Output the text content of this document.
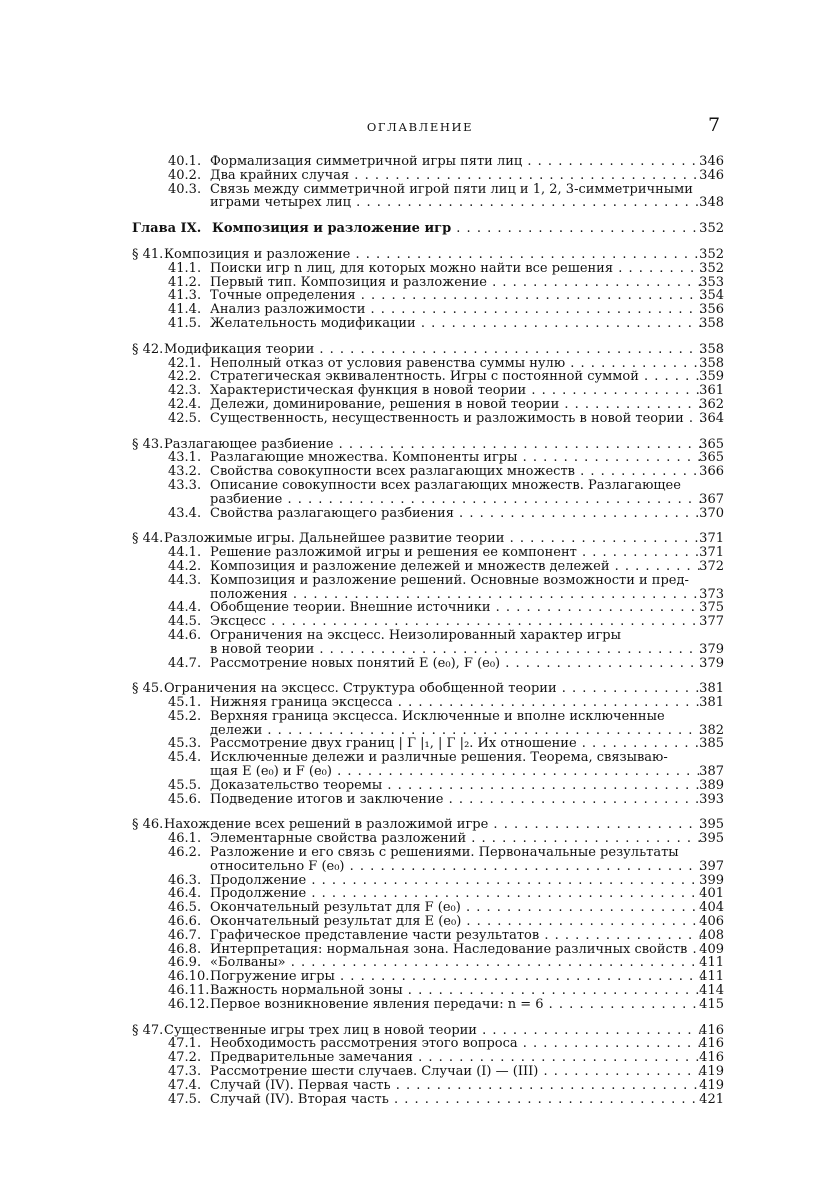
ОГЛАВЛЕНИЕ	7
40.1. Формализация симметричной игры пяти лиц . . .	346
40.2. Два крайних случая . . .	346
40.3. Связь между симметричной игрой пяти лиц и 1, 2, 3-симметричными
играми четырех лиц . . .	348
Глава IX. Композиция и разложение игр . . .	352
§ 41. Композиция и разложение . . .	352
41.1. Поиски игр n лиц, для которых можно найти все решения . . .	352
41.2. Первый тип. Композиция и разложение . . .	353
41.3. Точные определения . . .	354
41.4. Анализ разложимости . . .	356
41.5. Желательность модификации . . .	358
§ 42. Модификация теории . . .	358
42.1. Неполный отказ от условия равенства суммы нулю . . .	358
42.2. Стратегическая эквивалентность. Игры с постоянной суммой . . .	359
42.3. Характеристическая функция в новой теории . . .	361
42.4. Дележи, доминирование, решения в новой теории . . .	362
42.5. Существенность, несущественность и разложимость в новой теории . . .	364
§ 43. Разлагающее разбиение . . .	365
43.1. Разлагающие множества. Компоненты игры . . .	365
43.2. Свойства совокупности всех разлагающих множеств . . .	366
43.3. Описание совокупности всех разлагающих множеств. Разлагающее
разбиение . . .	367
43.4. Свойства разлагающего разбиения . . .	370
§ 44. Разложимые игры. Дальнейшее развитие теории . . .	371
44.1. Решение разложимой игры и решения ее компонент . . .	371
44.2. Композиция и разложение дележей и множеств дележей . . .	372
44.3. Композиция и разложение решений. Основные возможности и пред-
положения . . .	373
44.4. Обобщение теории. Внешние источники . . .	375
44.5. Эксцесс . . .	377
44.6. Ограничения на эксцесс. Неизолированный характер игры
в новой теории . . .	379
44.7. Рассмотрение новых понятий E (e₀), F (e₀) . . .	379
§ 45. Ограничения на эксцесс. Структура обобщенной теории . . .	381
45.1. Нижняя граница эксцесса . . .	381
45.2. Верхняя граница эксцесса. Исключенные и вполне исключенные
дележи . . .	382
45.3. Рассмотрение двух границ | Γ |₁, | Γ |₂. Их отношение . . .	385
45.4. Исключенные дележи и различные решения. Теорема, связываю-
щая E (e₀) и F (e₀) . . .	387
45.5. Доказательство теоремы . . .	389
45.6. Подведение итогов и заключение . . .	393
§ 46. Нахождение всех решений в разложимой игре . . .	395
46.1. Элементарные свойства разложений . . .	395
46.2. Разложение и его связь с решениями. Первоначальные результаты
относительно F (e₀) . . .	397
46.3. Продолжение . . .	399
46.4. Продолжение . . .	401
46.5. Окончательный результат для F (e₀) . . .	404
46.6. Окончательный результат для E (e₀) . . .	406
46.7. Графическое представление части результатов . . .	408
46.8. Интерпретация: нормальная зона. Наследование различных свойств . . . 409
46.9. «Болваны» . . .	411
46.10. Погружение игры . . .	411
46.11. Важность нормальной зоны . . .	414
46.12. Первое возникновение явления передачи: n = 6 . . .	415
§ 47. Существенные игры трех лиц в новой теории . . .	416
47.1. Необходимость рассмотрения этого вопроса . . .	416
47.2. Предварительные замечания . . .	416
47.3. Рассмотрение шести случаев. Случаи (I) — (III) . . .	419
47.4. Случай (IV). Первая часть . . .	419
47.5. Случай (IV). Вторая часть . . .	421
